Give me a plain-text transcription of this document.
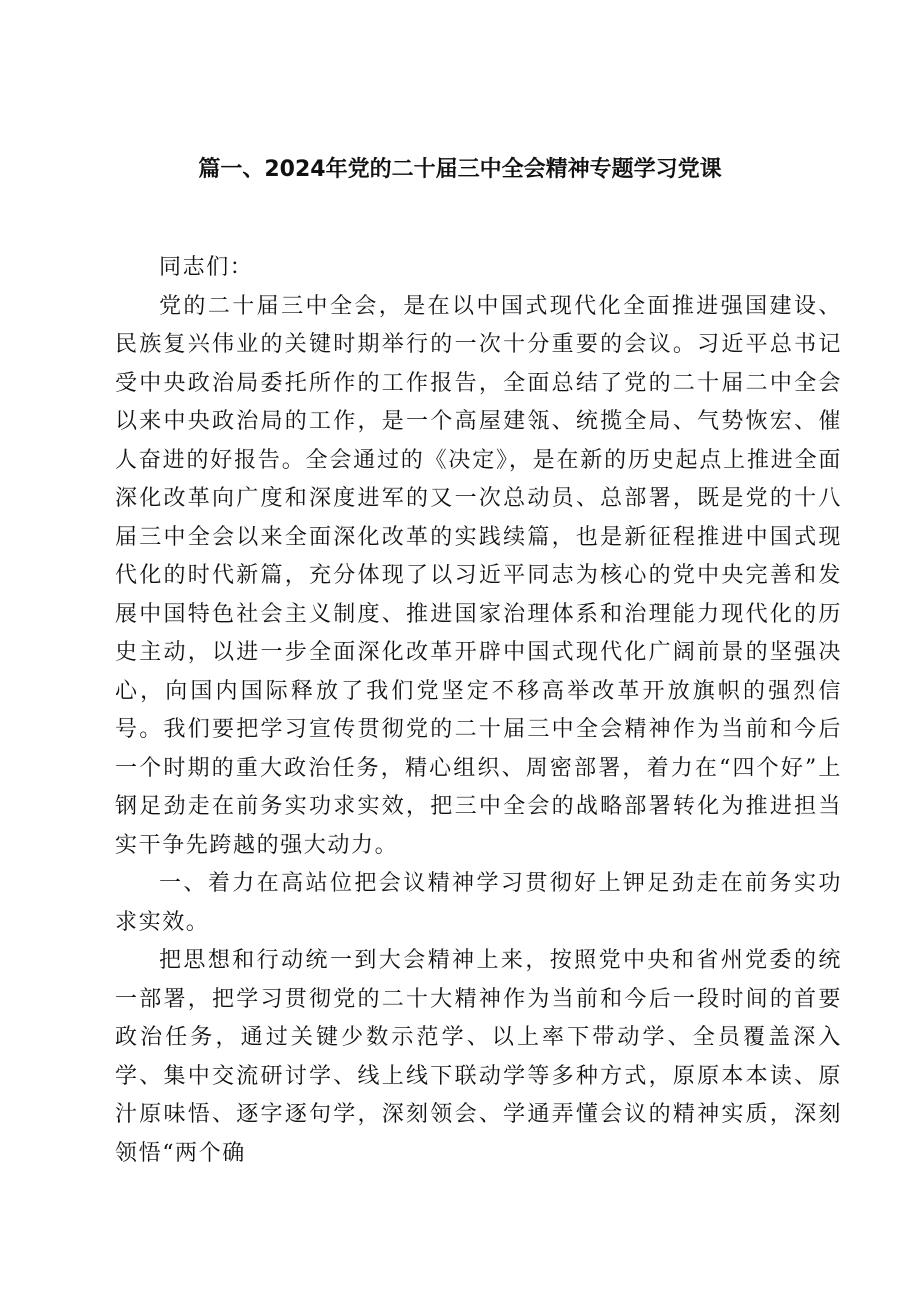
篇一、2024年党的二十届三中全会精神专题学习党课

同志们：

党的二十届三中全会，是在以中国式现代化全面推进强国建设、民族复兴伟业的关键时期举行的一次十分重要的会议。习近平总书记受中央政治局委托所作的工作报告，全面总结了党的二十届二中全会以来中央政治局的工作，是一个高屋建瓴、统揽全局、气势恢宏、催人奋进的好报告。全会通过的《决定》，是在新的历史起点上推进全面深化改革向广度和深度进军的又一次总动员、总部署，既是党的十八届三中全会以来全面深化改革的实践续篇，也是新征程推进中国式现代化的时代新篇，充分体现了以习近平同志为核心的党中央完善和发展中国特色社会主义制度、推进国家治理体系和治理能力现代化的历史主动，以进一步全面深化改革开辟中国式现代化广阔前景的坚强决心，向国内国际释放了我们党坚定不移高举改革开放旗帜的强烈信号。我们要把学习宣传贯彻党的二十届三中全会精神作为当前和今后一个时期的重大政治任务，精心组织、周密部署，着力在“四个好”上钢足劲走在前务实功求实效，把三中全会的战略部署转化为推进担当实干争先跨越的强大动力。

一、着力在高站位把会议精神学习贯彻好上钾足劲走在前务实功求实效。

把思想和行动统一到大会精神上来，按照党中央和省州党委的统一部署，把学习贯彻党的二十大精神作为当前和今后一段时间的首要政治任务，通过关键少数示范学、以上率下带动学、全员覆盖深入学、集中交流研讨学、线上线下联动学等多种方式，原原本本读、原汁原味悟、逐字逐句学，深刻领会、学通弄懂会议的精神实质，深刻领悟“两个确
